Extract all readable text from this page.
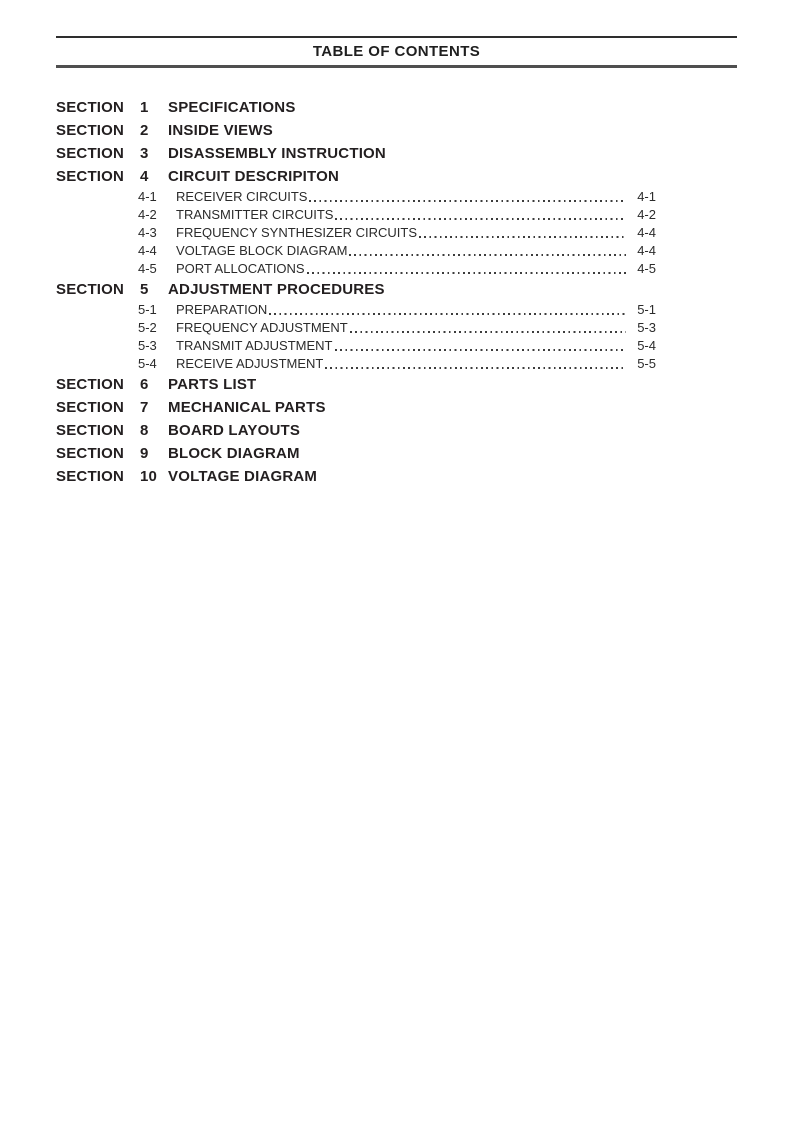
TABLE OF CONTENTS
SECTION 1 SPECIFICATIONS
SECTION 2 INSIDE VIEWS
SECTION 3 DISASSEMBLY INSTRUCTION
SECTION 4 CIRCUIT DESCRIPITON
4-1	RECEIVER CIRCUITS	4-1
4-2	TRANSMITTER CIRCUITS	4-2
4-3	FREQUENCY SYNTHESIZER CIRCUITS	4-4
4-4	VOLTAGE BLOCK DIAGRAM	4-4
4-5	PORT ALLOCATIONS	4-5
SECTION 5 ADJUSTMENT PROCEDURES
5-1	PREPARATION	5-1
5-2	FREQUENCY ADJUSTMENT	5-3
5-3	TRANSMIT ADJUSTMENT	5-4
5-4	RECEIVE ADJUSTMENT	5-5
SECTION 6 PARTS LIST
SECTION 7 MECHANICAL PARTS
SECTION 8 BOARD LAYOUTS
SECTION 9 BLOCK DIAGRAM
SECTION 10 VOLTAGE DIAGRAM
